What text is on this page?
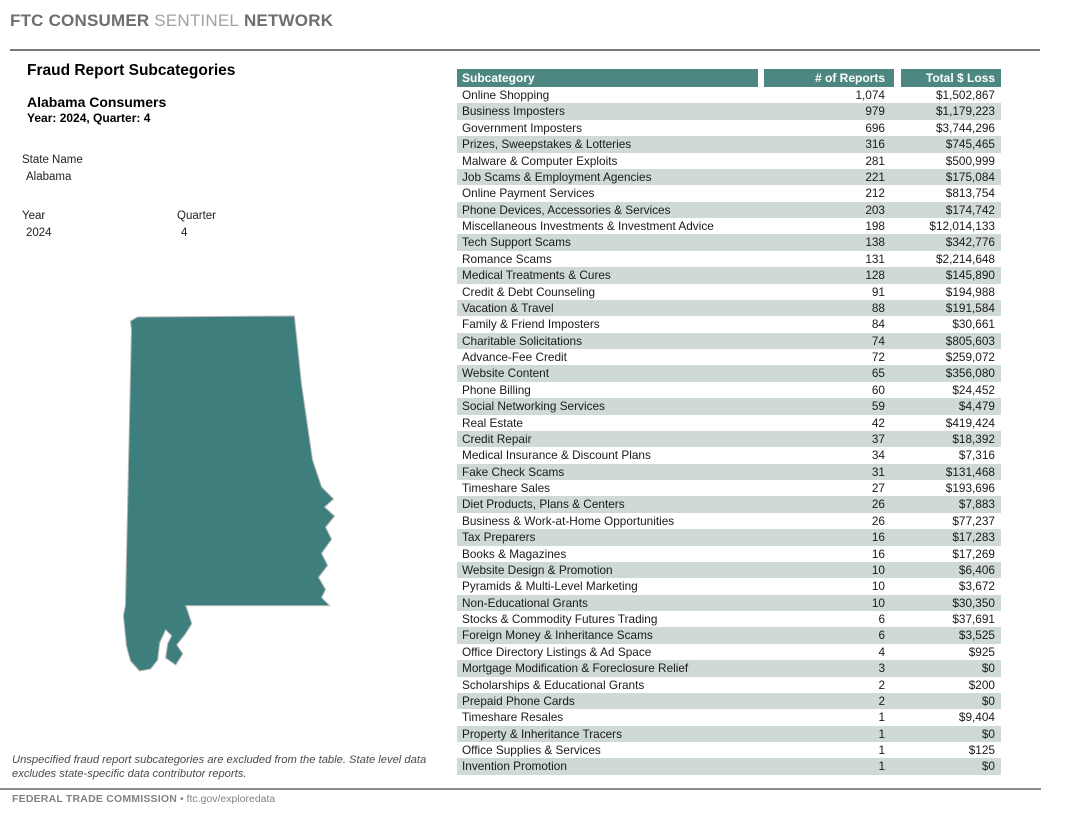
FTC CONSUMER SENTINEL NETWORK
Fraud Report Subcategories
Alabama Consumers
Year: 2024, Quarter: 4
State Name
Alabama
Year
2024
Quarter
4
Subcategory	# of Reports	Total $ Loss
Online Shopping	1,074	$1,502,867
Business Imposters	979	$1,179,223
Government Imposters	696	$3,744,296
Prizes, Sweepstakes & Lotteries	316	$745,465
Malware & Computer Exploits	281	$500,999
Job Scams & Employment Agencies	221	$175,084
Online Payment Services	212	$813,754
Phone Devices, Accessories & Services	203	$174,742
Miscellaneous Investments & Investment Advice	198	$12,014,133
Tech Support Scams	138	$342,776
Romance Scams	131	$2,214,648
Medical Treatments & Cures	128	$145,890
Credit & Debt Counseling	91	$194,988
Vacation & Travel	88	$191,584
Family & Friend Imposters	84	$30,661
Charitable Solicitations	74	$805,603
Advance-Fee Credit	72	$259,072
Website Content	65	$356,080
Phone Billing	60	$24,452
Social Networking Services	59	$4,479
Real Estate	42	$419,424
Credit Repair	37	$18,392
Medical Insurance & Discount Plans	34	$7,316
Fake Check Scams	31	$131,468
Timeshare Sales	27	$193,696
Diet Products, Plans & Centers	26	$7,883
Business & Work-at-Home Opportunities	26	$77,237
Tax Preparers	16	$17,283
Books & Magazines	16	$17,269
Website Design & Promotion	10	$6,406
Pyramids & Multi-Level Marketing	10	$3,672
Non-Educational Grants	10	$30,350
Stocks & Commodity Futures Trading	6	$37,691
Foreign Money & Inheritance Scams	6	$3,525
Office Directory Listings & Ad Space	4	$925
Mortgage Modification & Foreclosure Relief	3	$0
Scholarships & Educational Grants	2	$200
Prepaid Phone Cards	2	$0
Timeshare Resales	1	$9,404
Property & Inheritance Tracers	1	$0
Office Supplies & Services	1	$125
Invention Promotion	1	$0
Unspecified fraud report subcategories are excluded from the table. State level data excludes state-specific data contributor reports.
FEDERAL TRADE COMMISSION • ftc.gov/exploredata
